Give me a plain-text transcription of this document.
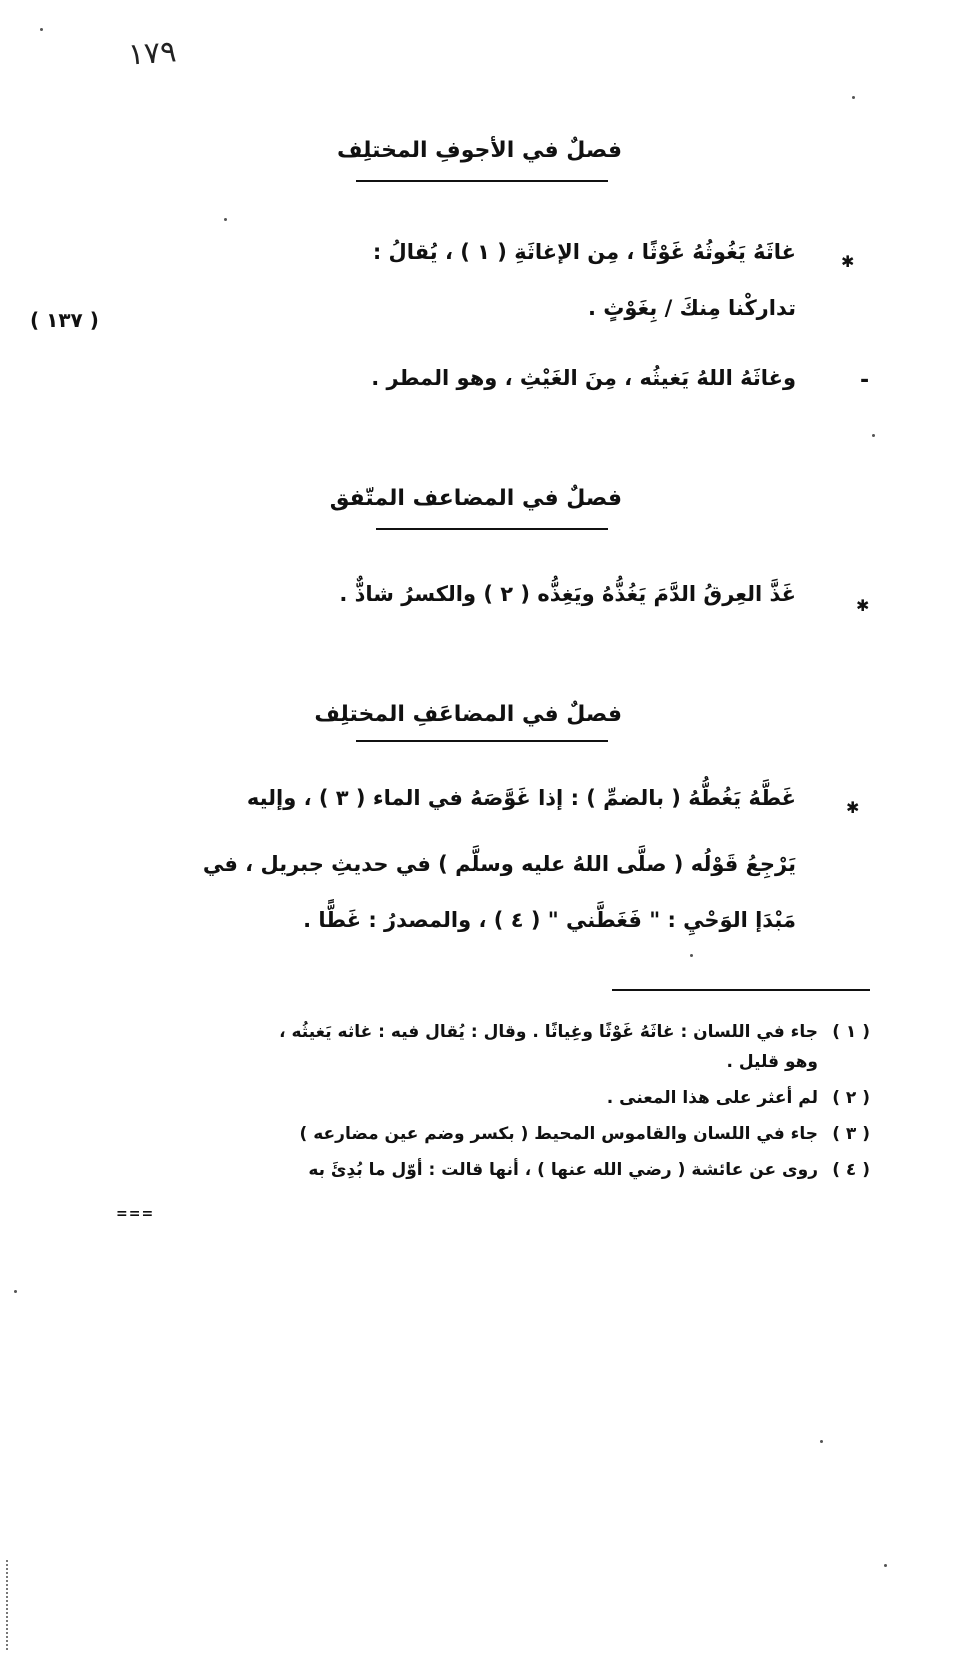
١٧٩
( ١٣٧ )
فصلٌ في الأجوفِ المختلِف
✱
غاثَهُ يَغُوثُهُ غَوْثًا ، مِن الإغاثَةِ ( ١ ) ، يُقالُ :
تداركْنا مِنكَ / بِغَوْثٍ .
-
وغاثَهُ اللهُ يَغيثُه ، مِنَ الغَيْثِ ، وهو المطر .
فصلٌ في المضاعف المتّفق
✱
غَذَّ العِرقُ الدَّمَ يَغُذُّهُ ويَغِذُّه ( ٢ ) والكسرُ شاذٌّ .
فصلٌ في المضاعَفِ المختلِف
✱
غَطَّهُ يَغُطُّهُ ( بالضمِّ ) : إذا غَوَّصَهُ في الماء ( ٣ ) ، وإليه
يَرْجِعُ قَوْلُه ( صلَّى اللهُ عليه وسلَّم ) في حديثِ جبريل ، في
مَبْدَإ الوَحْيِ : " فَغَطَّني " ( ٤ ) ، والمصدرُ : غَطًّا .
( ١ )
جاء في اللسان : غاثَهُ غَوْثًا وغِياثًا . وقال : يُقال فيه : غاثه يَغيثُه ،
وهو قليل .
( ٢ )
لم أعثر على هذا المعنى .
( ٣ )
جاء في اللسان والقاموس المحيط ( بكسر وضم عين مضارعه )
( ٤ )
روى عن عائشة ( رضي الله عنها ) ، أنها قالت : أوّل ما بُدِئَ به
===
